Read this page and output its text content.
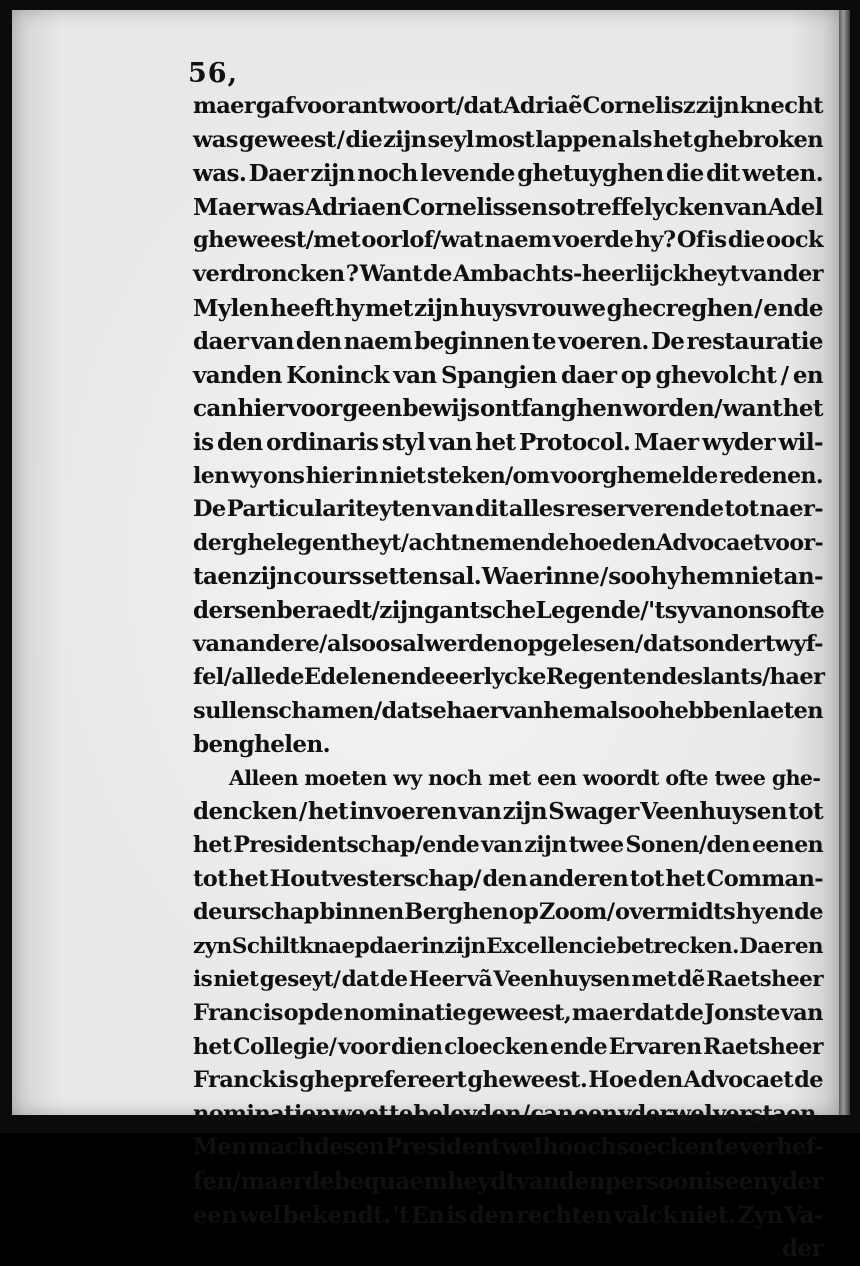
56,
maer gaf voor antwoort/dat Adriaẽ Cornelisz zijn knecht
was geweest / die zijn seyl most lappen als het ghebroken
was. Daer zijn noch levende ghetuyghen die dit weten.
Maer was Adriaen Cornelissen so treffelycken van Adel
gheweest/met oorlof/wat naem voerde hy? Of is die oock
verdroncken ? Want de Ambachts-heerlijckheyt vander
Mylen heeft hy met zijn huysvrouwe ghecreghen / ende
daer van den naem beginnen te voeren. De restauratie
vanden Koninck van Spangien daer op ghevolcht / en
can hier voor geen bewijs ontfanghen worden/ want het
is den ordinaris styl van het Protocol. Maer wyder wil-
len wy ons hier in niet steken/om voorghemelde redenen.
De Particulariteyten van dit alles reserverende tot naer-
der ghelegentheyt/ acht nemende hoe den Advocaet voor-
taen zijn cours setten sal. Waerinne / soo hy hem niet an-
ders en beraedt / zijn gantsche Legende/ 't sy van ons ofte
van andere/ alsoo sal werden opgelesen / dat sonder twyf-
fel/ alle de Edelen ende eerlycke Regenten des lants/haer
sullen schamen / datse haer van hem alsoo hebben laeten
benghelen.
Alleen moeten wy noch met een woordt ofte twee ghe-
dencken / het invoeren van zijn Swager Veenhuysen tot
het Presidentschap/ende van zijn twee Sonen/den eenen
tot het Houtvesterschap/ den anderen tot het Comman-
deurschap binnen Berghen op Zoom/ overmidts hy ende
zyn Schiltknaep daer in zijn Excellencie betrecken. Daer en
is niet geseyt/ dat de Heer vã Veenhuysen met dẽ Raetsheer
Franc is op de nominatie geweest, maer dat de Jonste van
het Collegie/ voor dien cloecken ende Ervaren Raetsheer
Franck is gheprefereert gheweest. Hoe den Advocaet de
nominatien weet te beleyden / can een yder wel verstaen.
Men mach desen President wel hooch soecken te verhef-
fen / maer de bequaemheydt vanden persoon is een yder
een wel bekendt. 't En is den rechten valck niet. Zyn Va-
der
